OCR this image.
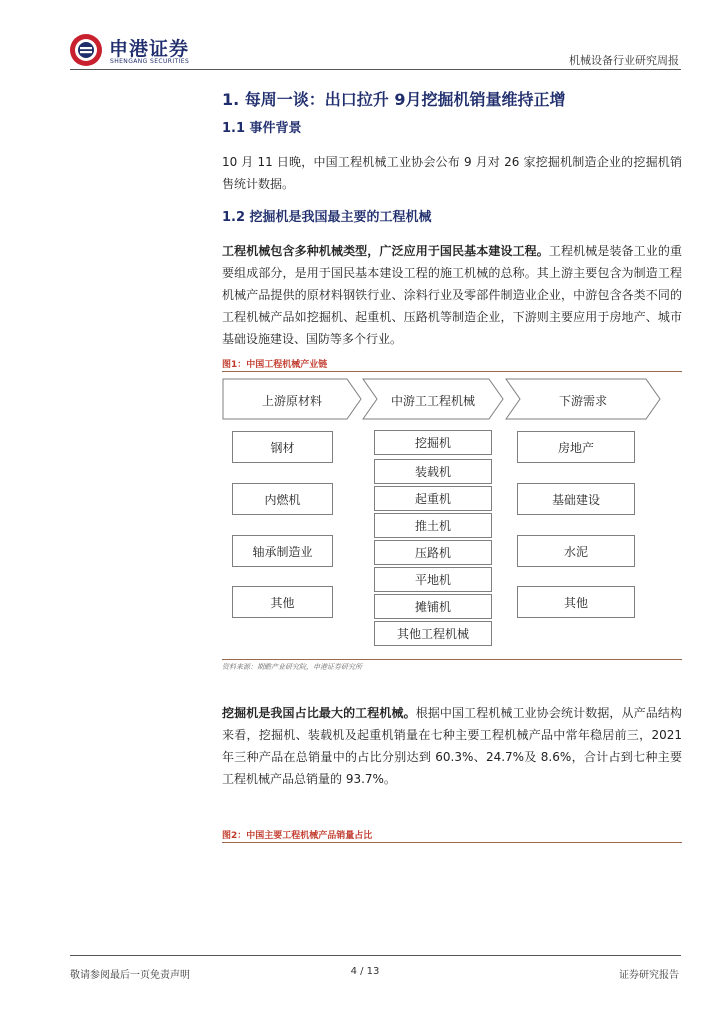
申港证券
SHENGANG SECURITIES	机械设备行业研究周报
1. 每周一谈：出口拉升 9月挖掘机销量维持正增
1.1 事件背景
10 月 11 日晚，中国工程机械工业协会公布 9 月对 26 家挖掘机制造企业的挖掘机销售统计数据。
1.2 挖掘机是我国最主要的工程机械
工程机械包含多种机械类型，广泛应用于国民基本建设工程。工程机械是装备工业的重要组成部分，是用于国民基本建设工程的施工机械的总称。其上游主要包含为制造工程机械产品提供的原材料钢铁行业、涂料行业及零部件制造业企业，中游包含各类不同的工程机械产品如挖掘机、起重机、压路机等制造企业，下游则主要应用于房地产、城市基础设施建设、国防等多个行业。
图1：中国工程机械产业链
上游原材料	中游工工程机械	下游需求
钢材
内燃机
轴承制造业
其他
挖掘机
装载机
起重机
推土机
压路机
平地机
摊铺机
其他工程机械
房地产
基础建设
水泥
其他
资料来源：期瞻产业研究院，申港证券研究所
挖掘机是我国占比最大的工程机械。根据中国工程机械工业协会统计数据，从产品结构来看，挖掘机、装载机及起重机销量在七种主要工程机械产品中常年稳居前三，2021 年三种产品在总销量中的占比分别达到 60.3%、24.7%及 8.6%，合计占到七种主要工程机械产品总销量的 93.7%。
图2：中国主要工程机械产品销量占比
敬请参阅最后一页免责声明	4 / 13	证券研究报告
